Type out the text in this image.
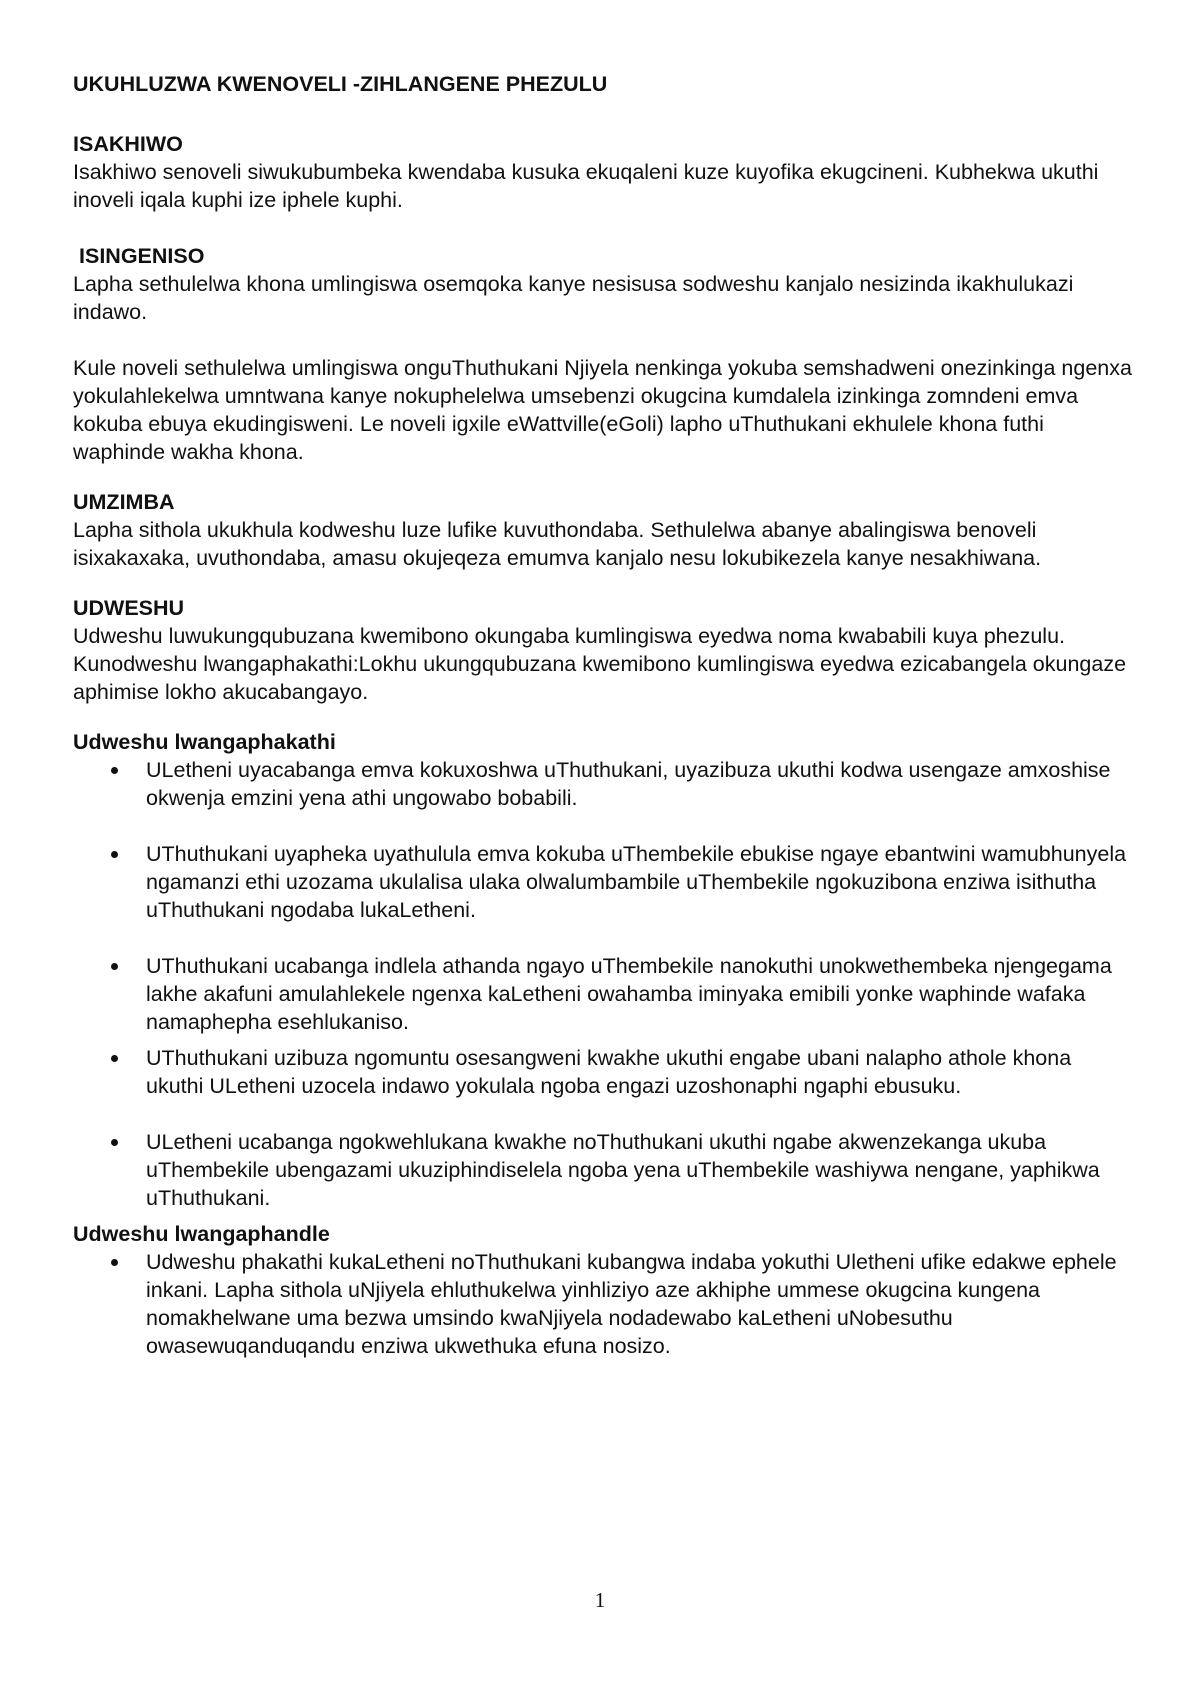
UKUHLUZWA KWENOVELI -ZIHLANGENE PHEZULU

ISAKHIWO

Isakhiwo senoveli siwukubumbeka kwendaba kusuka ekuqaleni kuze kuyofika ekugcineni. Kubhekwa ukuthi inoveli iqala kuphi ize iphele kuphi.

ISINGENISO

Lapha sethulelwa khona umlingiswa osemqoka kanye nesisusa sodweshu kanjalo nesizinda ikakhulukazi indawo.

Kule noveli sethulelwa umlingiswa onguThuthukani Njiyela nenkinga yokuba semshadweni onezinkinga ngenxa yokulahlekelwa umntwana kanye nokuphelelwa umsebenzi okugcina kumdalela izinkinga zomndeni emva kokuba ebuya ekudingisweni. Le noveli igxile eWattville(eGoli) lapho uThuthukani ekhulele khona futhi waphinde wakha khona.

UMZIMBA

Lapha sithola ukukhula kodweshu luze lufike kuvuthondaba. Sethulelwa abanye abalingiswa benoveli isixakaxaka, uvuthondaba, amasu okujeqeza emumva kanjalo nesu lokubikezela kanye nesakhiwana.

UDWESHU

Udweshu luwukungqubuzana kwemibono okungaba kumlingiswa eyedwa noma kwababili kuya phezulu. Kunodweshu lwangaphakathi:Lokhu ukungqubuzana kwemibono kumlingiswa eyedwa ezicabangela okungaze aphimise lokho akucabangayo.

Udweshu lwangaphakathi

ULetheni uyacabanga emva kokuxoshwa uThuthukani, uyazibuza ukuthi kodwa usengaze amxoshise okwenja emzini yena athi ungowabo bobabili.
UThuthukani uyapheka uyathulula emva kokuba uThembekile ebukise ngaye ebantwini wamubhunyela ngamanzi ethi uzozama ukulalisa ulaka olwalumbambile uThembekile ngokuzibona enziwa isithutha uThuthukani ngodaba lukaLetheni.
UThuthukani ucabanga indlela athanda ngayo uThembekile nanokuthi unokwethembeka njengegama lakhe akafuni amulahlekele ngenxa kaLetheni owahamba iminyaka emibili yonke waphinde wafaka namaphepha esehlukaniso.
UThuthukani uzibuza ngomuntu osesangweni kwakhe ukuthi engabe ubani nalapho athole khona ukuthi ULetheni uzocela indawo yokulala ngoba engazi uzoshonaphi ngaphi ebusuku.
ULetheni ucabanga ngokwehlukana kwakhe noThuthukani ukuthi ngabe akwenzekanga ukuba uThembekile ubengazami ukuziphindiselela ngoba yena uThembekile washiywa nengane, yaphikwa uThuthukani.

Udweshu lwangaphandle

Udweshu phakathi kukaLetheni noThuthukani kubangwa indaba yokuthi Uletheni ufike edakwe ephele inkani. Lapha sithola uNjiyela ehluthukelwa yinhliziyo aze akhiphe ummese okugcina kungena nomakhelwane uma bezwa umsindo kwaNjiyela nodadewabo kaLetheni uNobesuthu owasewuqanduqandu enziwa ukwethuka efuna nosizo.
1
